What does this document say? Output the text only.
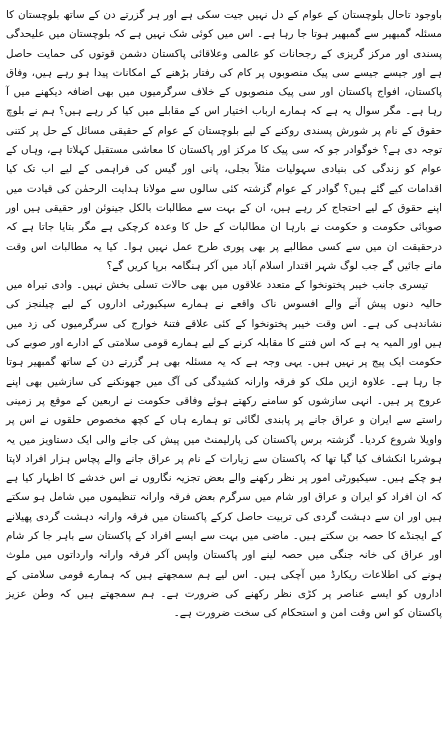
باوجود تاحال بلوچستان کے عوام کے دل نہیں جیت سکی ہے اور ہر گزرتے دن کے ساتھ بلوچستان کا مسئلہ گمبھیر سے گمبھیر ہوتا جا رہا ہے۔ اس میں کوئی شک نہیں ہے کہ بلوچستان میں علیحدگی پسندی اور مرکز گریزی کے رجحانات کو عالمی وعلاقائی پاکستان دشمن قوتوں کی حمایت حاصل ہے اور جیسے جیسے سی پیک منصوبوں پر کام کی رفتار بڑھنے کے امکانات پیدا ہو رہے ہیں، وفاق پاکستان، افواج پاکستان اور سی پیک منصوبوں کے خلاف سرگرمیوں میں بھی اضافہ دیکھنے میں آ رہا ہے۔ مگر سوال یہ ہے کہ ہمارے ارباب اختیار اس کے مقابلے میں کیا کر رہے ہیں؟ ہم نے بلوچ حقوق کے نام پر شورش پسندی روکنے کے لیے بلوچستان کے عوام کے حقیقی مسائل کے حل پر کتنی توجہ دی ہے؟ خوگوادر جو کہ سی پیک کا مرکز اور پاکستان کا معاشی مستقبل کہلاتا ہے، وہاں کے عوام کو زندگی کی بنیادی سہولیات مثلاً بجلی، پانی اور گیس کی فراہمی کے لیے اب تک کیا اقدامات کیے گئے ہیں؟ گوادر کے عوام گزشتہ کئی سالوں سے مولانا ہدایت الرحمٰن کی قیادت میں اپنے حقوق کے لیے احتجاج کر رہے ہیں، ان کے بہت سے مطالبات بالکل جینوئن اور حقیقی ہیں اور صوبائی حکومت و حکومت نے بارہا ان مطالبات کے حل کا وعدہ کرچکی ہے مگر بتایا جاتا ہے کہ درحقیقت ان میں سے کسی مطالبے پر بھی پوری طرح عمل نہیں ہوا۔ کیا یہ مطالبات اس وقت مانے جائیں گے جب لوگ شہر اقتدار اسلام آباد میں آکر ہنگامہ برپا کریں گے؟

تیسری جانب خیبر پختونخوا کے متعدد علاقوں میں بھی حالات تسلی بخش نہیں۔ وادی تیراہ میں حالیہ دنوں پیش آنے والے افسوس ناک واقعے نے ہمارے سیکیورٹی اداروں کے لیے چیلنجز کی نشاندہی کی ہے۔ اس وقت خیبر پختونخوا کے کئی علاقے فتنۂ خوارج کی سرگرمیوں کی زد میں ہیں اور المیہ یہ ہے کہ اس فتنے کا مقابلہ کرنے کے لیے ہمارے قومی سلامتی کے ادارے اور صوبے کی حکومت ایک پیج پر نہیں ہیں۔ یہی وجہ ہے کہ یہ مسئلہ بھی ہر گزرتے دن کے ساتھ گمبھیر ہوتا جا رہا ہے۔ علاوہ ازیں ملک کو فرقہ وارانہ کشیدگی کی آگ میں جھونکنے کی سازشیں بھی اپنے عروج پر ہیں۔ انہی سازشوں کو سامنے رکھتے ہوئے وفاقی حکومت نے اربعین کے موقع پر زمینی راستے سے ایران و عراق جانے پر پابندی لگائی تو ہمارے ہاں کے کچھ مخصوص حلقوں نے اس پر واویلا شروع کردیا۔ گزشتہ برس پاکستان کی پارلیمنٹ میں پیش کی جانے والی ایک دستاویز میں یہ ہوشربا انکشاف کیا گیا تھا کہ پاکستان سے زیارات کے نام پر عراق جانے والے پچاس ہزار افراد لاپتا ہو چکے ہیں۔ سیکیورٹی امور پر نظر رکھنے والے بعض تجزیہ نگاروں نے اس خدشے کا اظہار کیا ہے کہ ان افراد کو ایران و عراق اور شام میں سرگرم بعض فرقہ وارانہ تنظیموں میں شامل ہو سکتے ہیں اور ان سے دہشت گردی کی تربیت حاصل کرکے پاکستان میں فرقہ وارانہ دہشت گردی پھیلانے کے ایجنڈے کا حصہ بن سکتے ہیں۔ ماضی میں بہت سے ایسے افراد کے پاکستان سے باہر جا کر شام اور عراق کی خانہ جنگی میں حصہ لینے اور پاکستان واپس آکر فرقہ وارانہ وارداتوں میں ملوث ہونے کی اطلاعات ریکارڈ میں آچکی ہیں۔ اس لیے ہم سمجھتے ہیں کہ ہمارے قومی سلامتی کے اداروں کو ایسے عناصر پر کڑی نظر رکھنے کی ضرورت ہے۔ ہم سمجھتے ہیں کہ وطن عزیز پاکستان کو اس وقت امن و استحکام کی سخت ضرورت ہے۔
